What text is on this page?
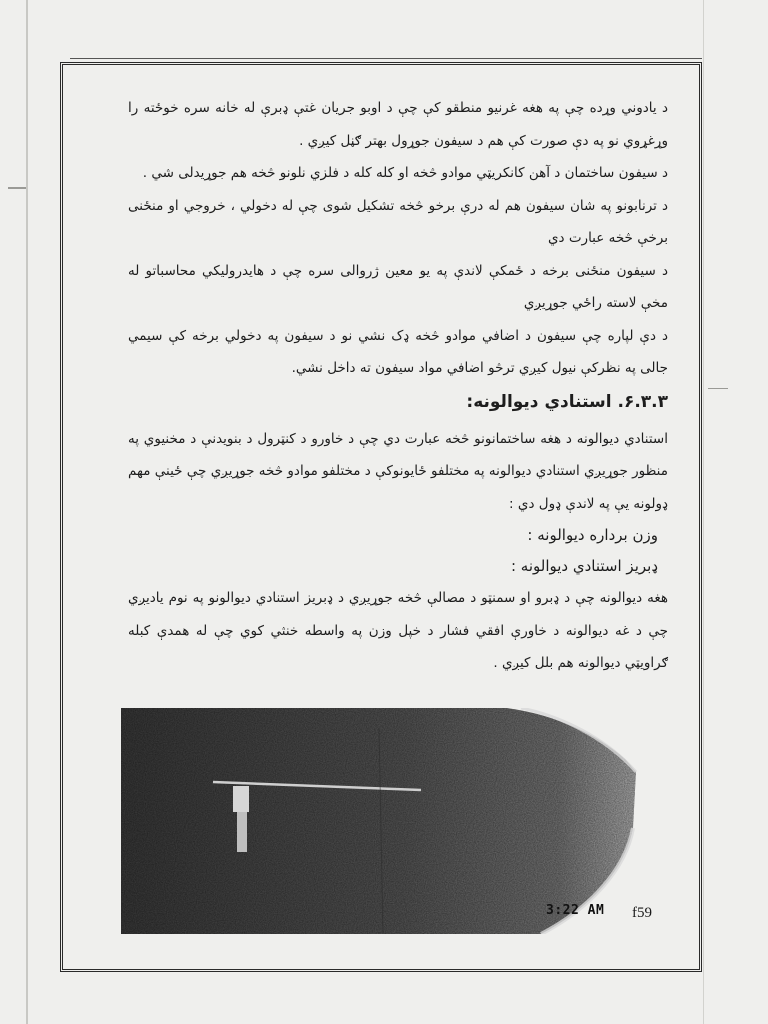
د یادوني وړده چې په هغه غرنیو منطقو کې چې د اوبو جریان غتې ډبرې له خانه سره خوځته را وړغړوي نو په دې صورت کې هم د سیفون جوړول بهتر ګڼل کیږي .

د سیفون ساختمان د آهن کانکریټي موادو څخه او کله کله د فلزي نلونو څخه هم جوړیدلی شي .

د ترنابونو په شان سیفون هم له درې برخو څخه تشکیل شوی چې له دخولي ، خروجي او منځنی برخې څخه عبارت دي

د سیفون منځنی برخه د ځمکې لاندې په یو معین ژروالی سره چې د هایدرولیکي محاسباتو له مخې لاسته راځي جوړیږي

د دې لپاره چې سیفون د اضافي موادو څخه ډک نشي نو د سیفون په دخولي برخه کې سیمي جالی په نظرکې نیول کیږي ترڅو اضافي مواد سیفون ته داخل نشي.

۶.۳.۳. استنادي دیوالونه:

استنادي دیوالونه د هغه ساختمانونو څخه عبارت دي چې د خاورو د کنټرول د بنویدنې د مخنیوي په منظور جوړیږي استنادي دیوالونه په مختلفو ځایونوکې د مختلفو موادو څخه جوړیږي چې ځینې مهم ډولونه یې په لاندې ډول دي :

وزن برداره دیوالونه :

ډبریز استنادي دیوالونه :

هغه دیوالونه چې د ډبرو او سمنټو د مصالې څخه جوړیږي د ډبریز استنادي دیوالونو په نوم یادیږي چې د غه دیوالونه د خاورې افقي فشار د خپل وزن په واسطه خنثي کوي چې له همدې کبله ګراویټي دیوالونه هم بلل کیږي .

3:22 AM f59
